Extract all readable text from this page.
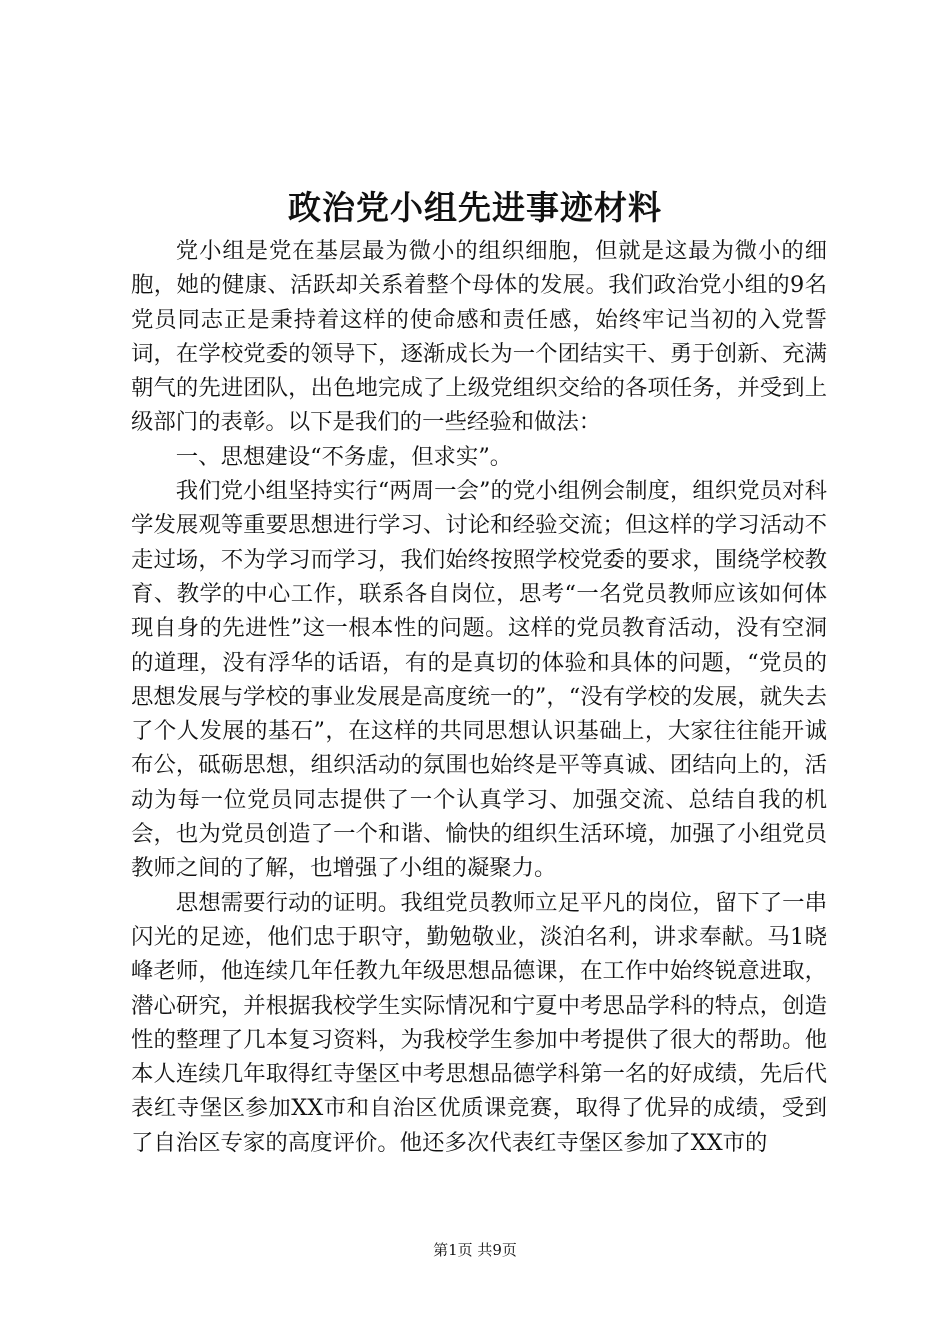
政治党小组先进事迹材料

党小组是党在基层最为微小的组织细胞，但就是这最为微小的细胞，她的健康、活跃却关系着整个母体的发展。我们政治党小组的9名党员同志正是秉持着这样的使命感和责任感，始终牢记当初的入党誓词，在学校党委的领导下，逐渐成长为一个团结实干、勇于创新、充满朝气的先进团队，出色地完成了上级党组织交给的各项任务，并受到上级部门的表彰。以下是我们的一些经验和做法：

一、思想建设“不务虚，但求实”。

我们党小组坚持实行“两周一会”的党小组例会制度，组织党员对科学发展观等重要思想进行学习、讨论和经验交流；但这样的学习活动不走过场，不为学习而学习，我们始终按照学校党委的要求，围绕学校教育、教学的中心工作，联系各自岗位，思考“一名党员教师应该如何体现自身的先进性”这一根本性的问题。这样的党员教育活动，没有空洞的道理，没有浮华的话语，有的是真切的体验和具体的问题，“党员的思想发展与学校的事业发展是高度统一的”，“没有学校的发展，就失去了个人发展的基石”，在这样的共同思想认识基础上，大家往往能开诚布公，砥砺思想，组织活动的氛围也始终是平等真诚、团结向上的，活动为每一位党员同志提供了一个认真学习、加强交流、总结自我的机会，也为党员创造了一个和谐、愉快的组织生活环境，加强了小组党员教师之间的了解，也增强了小组的凝聚力。

思想需要行动的证明。我组党员教师立足平凡的岗位，留下了一串闪光的足迹，他们忠于职守，勤勉敬业，淡泊名利，讲求奉献。马1晓峰老师，他连续几年任教九年级思想品德课，在工作中始终锐意进取，潜心研究，并根据我校学生实际情况和宁夏中考思品学科的特点，创造性的整理了几本复习资料，为我校学生参加中考提供了很大的帮助。他本人连续几年取得红寺堡区中考思想品德学科第一名的好成绩，先后代表红寺堡区参加XX市和自治区优质课竞赛，取得了优异的成绩，受到了自治区专家的高度评价。他还多次代表红寺堡区参加了XX市的

第1页 共9页
